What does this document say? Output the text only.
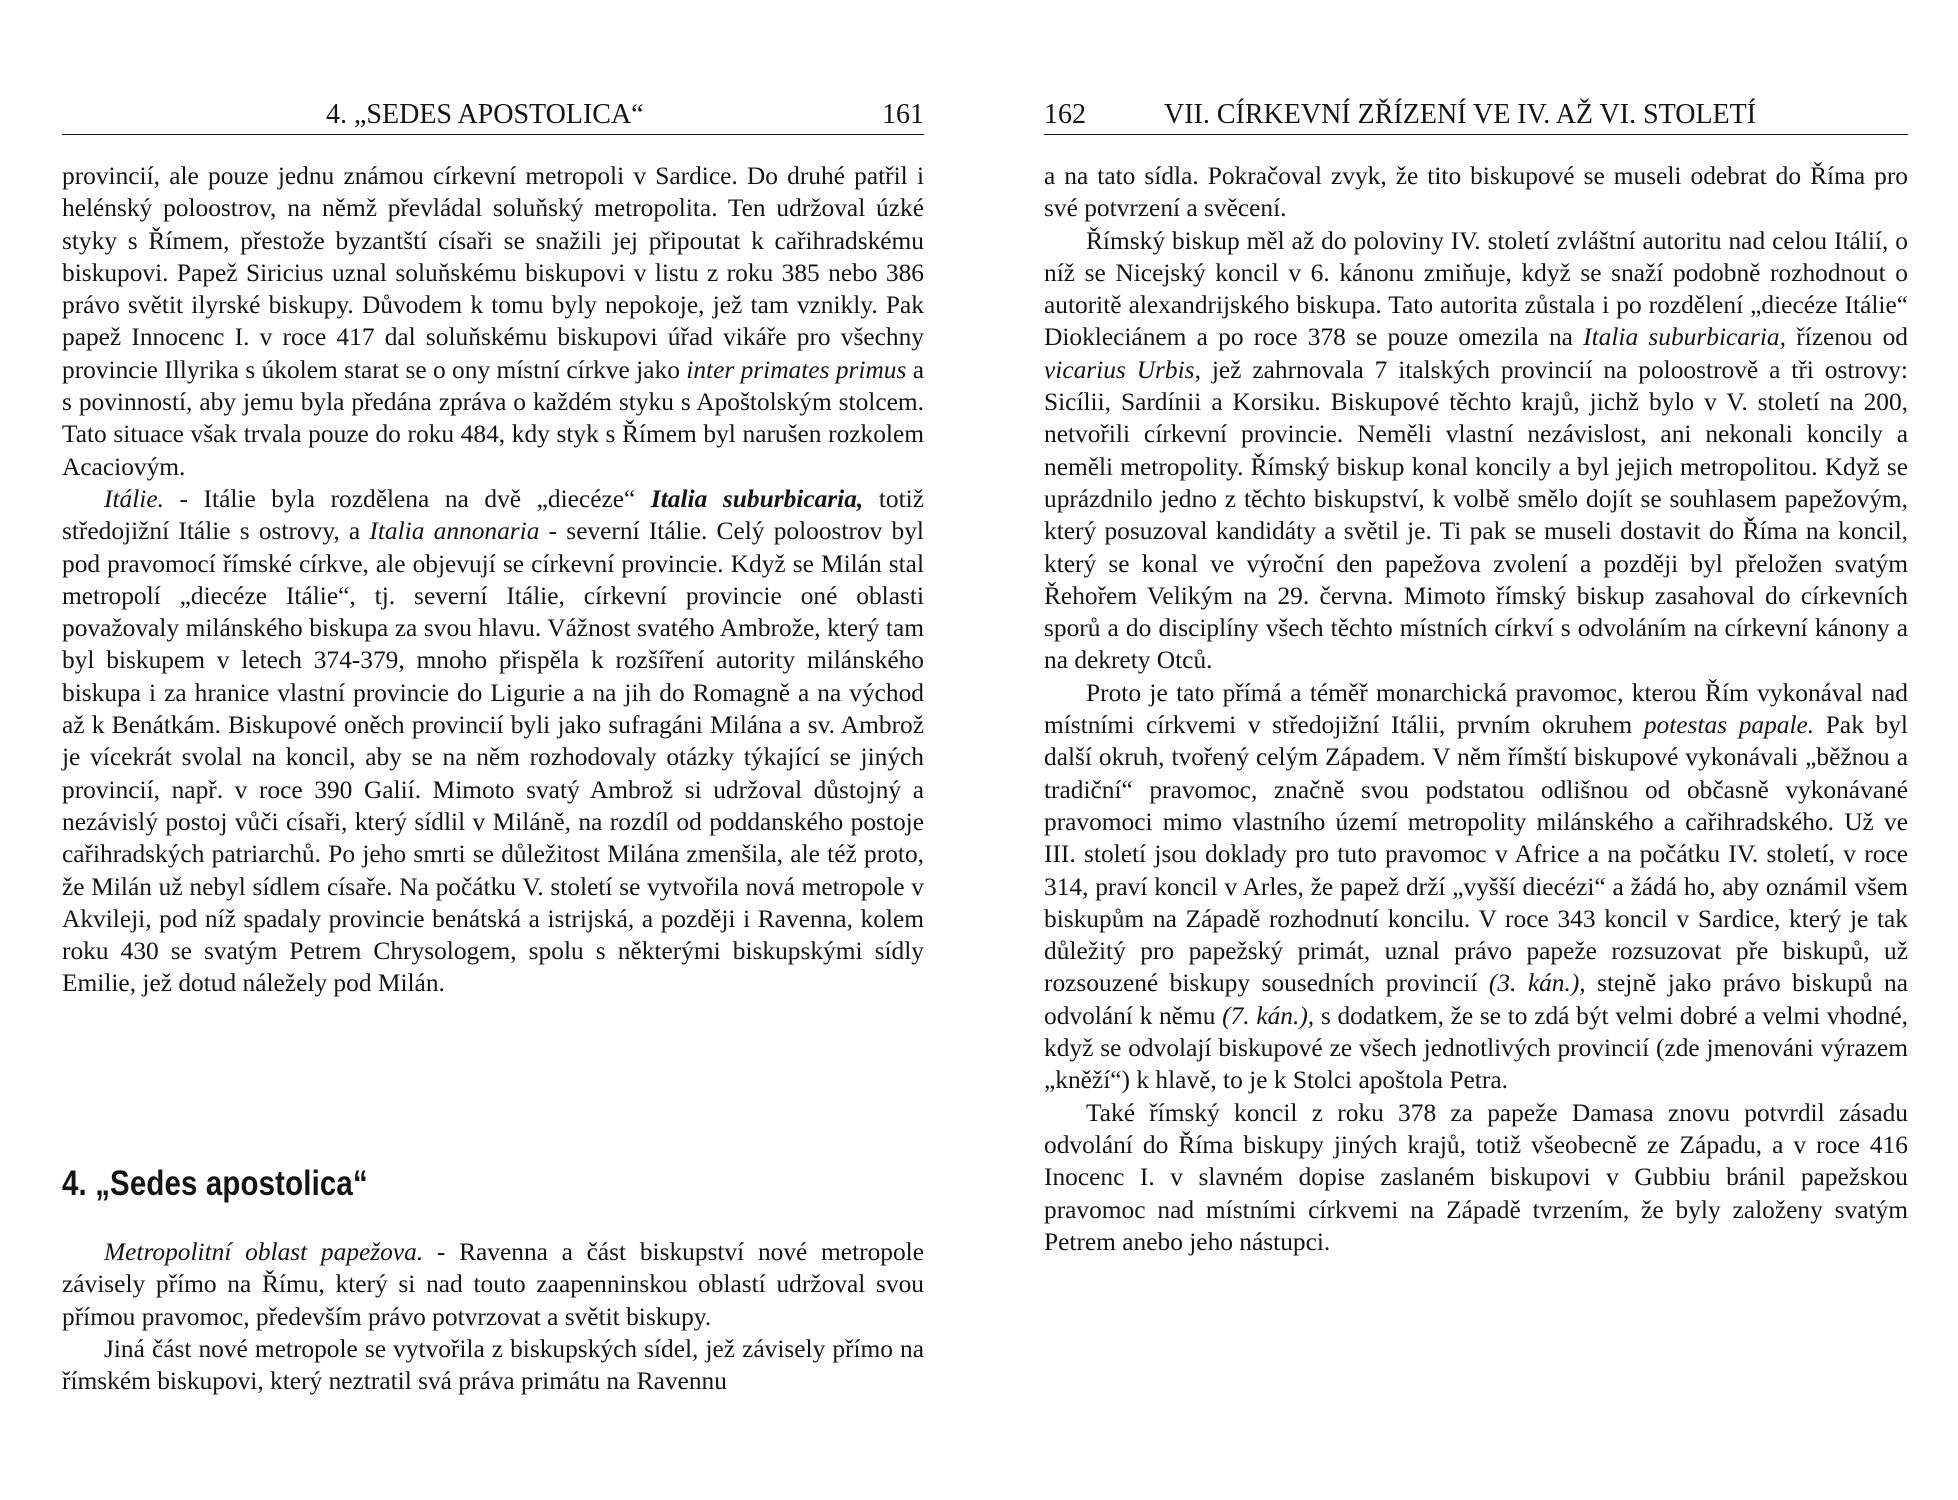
4. „SEDES APOSTOLICA“	161

provincií, ale pouze jednu známou církevní metropoli v Sardice. Do druhé patřil i helénský poloostrov, na němž převládal soluňský metropolita. Ten udržoval úzké styky s Římem, přestože byzantští císaři se snažili jej připoutat k cařihradskému biskupovi. Papež Siricius uznal soluňskému biskupovi v listu z roku 385 nebo 386 právo světit ilyrské biskupy. Důvodem k tomu byly nepokoje, jež tam vznikly. Pak papež Innocenc I. v roce 417 dal soluňskému biskupovi úřad vikáře pro všechny provincie Illyrika s úkolem starat se o ony místní církve jako inter primates primus a s povinností, aby jemu byla předána zpráva o každém styku s Apoštolským stolcem. Tato situace však trvala pouze do roku 484, kdy styk s Římem byl narušen rozkolem Acaciovým.

Itálie. - Itálie byla rozdělena na dvě „diecéze“ Italia suburbicaria, totiž středojižní Itálie s ostrovy, a Italia annonaria - severní Itálie. Celý poloostrov byl pod pravomocí římské církve, ale objevují se církevní provincie. Když se Milán stal metropolí „diecéze Itálie“, tj. severní Itálie, církevní provincie oné oblasti považovaly milánského biskupa za svou hlavu. Vážnost svatého Ambrože, který tam byl biskupem v letech 374-379, mnoho přispěla k rozšíření autority milánského biskupa i za hranice vlastní provincie do Ligurie a na jih do Romagně a na východ až k Benátkám. Biskupové oněch provincií byli jako sufragáni Milána a sv. Ambrož je vícekrát svolal na koncil, aby se na něm rozhodovaly otázky týkající se jiných provincií, např. v roce 390 Galií. Mimoto svatý Ambrož si udržoval důstojný a nezávislý postoj vůči císaři, který sídlil v Miláně, na rozdíl od poddanského postoje cařihradských patriarchů. Po jeho smrti se důležitost Milána zmenšila, ale též proto, že Milán už nebyl sídlem císaře. Na počátku V. století se vytvořila nová metropole v Akvileji, pod níž spadaly provincie benátská a istrijská, a později i Ravenna, kolem roku 430 se svatým Petrem Chrysologem, spolu s některými biskupskými sídly Emilie, jež dotud náležely pod Milán.

4. „Sedes apostolica“

Metropolitní oblast papežova. - Ravenna a část biskupství nové metropole závisely přímo na Římu, který si nad touto zaapenninskou oblastí udržoval svou přímou pravomoc, především právo potvrzovat a světit biskupy.

Jiná část nové metropole se vytvořila z biskupských sídel, jež závisely přímo na římském biskupovi, který neztratil svá práva primátu na Ravennu

162	VII. CÍRKEVNÍ ZŘÍZENÍ VE IV. AŽ VI. STOLETÍ

a na tato sídla. Pokračoval zvyk, že tito biskupové se museli odebrat do Říma pro své potvrzení a svěcení.

Římský biskup měl až do poloviny IV. století zvláštní autoritu nad celou Itálií, o níž se Nicejský koncil v 6. kánonu zmiňuje, když se snaží podobně rozhodnout o autoritě alexandrijského biskupa. Tato autorita zůstala i po rozdělení „diecéze Itálie“ Diokleciánem a po roce 378 se pouze omezila na Italia suburbicaria, řízenou od vicarius Urbis, jež zahrnovala 7 italských provincií na poloostrově a tři ostrovy: Sicílii, Sardínii a Korsiku. Biskupové těchto krajů, jichž bylo v V. století na 200, netvořili církevní provincie. Neměli vlastní nezávislost, ani nekonali koncily a neměli metropolity. Římský biskup konal koncily a byl jejich metropolitou. Když se uprázdnilo jedno z těchto biskupství, k volbě smělo dojít se souhlasem papežovým, který posuzoval kandidáty a světil je. Ti pak se museli dostavit do Říma na koncil, který se konal ve výroční den papežova zvolení a později byl přeložen svatým Řehořem Velikým na 29. června. Mimoto římský biskup zasahoval do církevních sporů a do disciplíny všech těchto místních církví s odvoláním na církevní kánony a na dekrety Otců.

Proto je tato přímá a téměř monarchická pravomoc, kterou Řím vykonával nad místními církvemi v středojižní Itálii, prvním okruhem potestas papale. Pak byl další okruh, tvořený celým Západem. V něm římští biskupové vykonávali „běžnou a tradiční“ pravomoc, značně svou podstatou odlišnou od občasně vykonávané pravomoci mimo vlastního území metropolity milánského a cařihradského. Už ve III. století jsou doklady pro tuto pravomoc v Africe a na počátku IV. století, v roce 314, praví koncil v Arles, že papež drží „vyšší diecézi“ a žádá ho, aby oznámil všem biskupům na Západě rozhodnutí koncilu. V roce 343 koncil v Sardice, který je tak důležitý pro papežský primát, uznal právo papeže rozsuzovat pře biskupů, už rozsouzené biskupy sousedních provincií (3. kán.), stejně jako právo biskupů na odvolání k němu (7. kán.), s dodatkem, že se to zdá být velmi dobré a velmi vhodné, když se odvolají biskupové ze všech jednotlivých provincií (zde jmenováni výrazem „kněží“) k hlavě, to je k Stolci apoštola Petra.

Také římský koncil z roku 378 za papeže Damasa znovu potvrdil zásadu odvolání do Říma biskupy jiných krajů, totiž všeobecně ze Západu, a v roce 416 Inocenc I. v slavném dopise zaslaném biskupovi v Gubbiu bránil papežskou pravomoc nad místními církvemi na Západě tvrzením, že byly založeny svatým Petrem anebo jeho nástupci.
